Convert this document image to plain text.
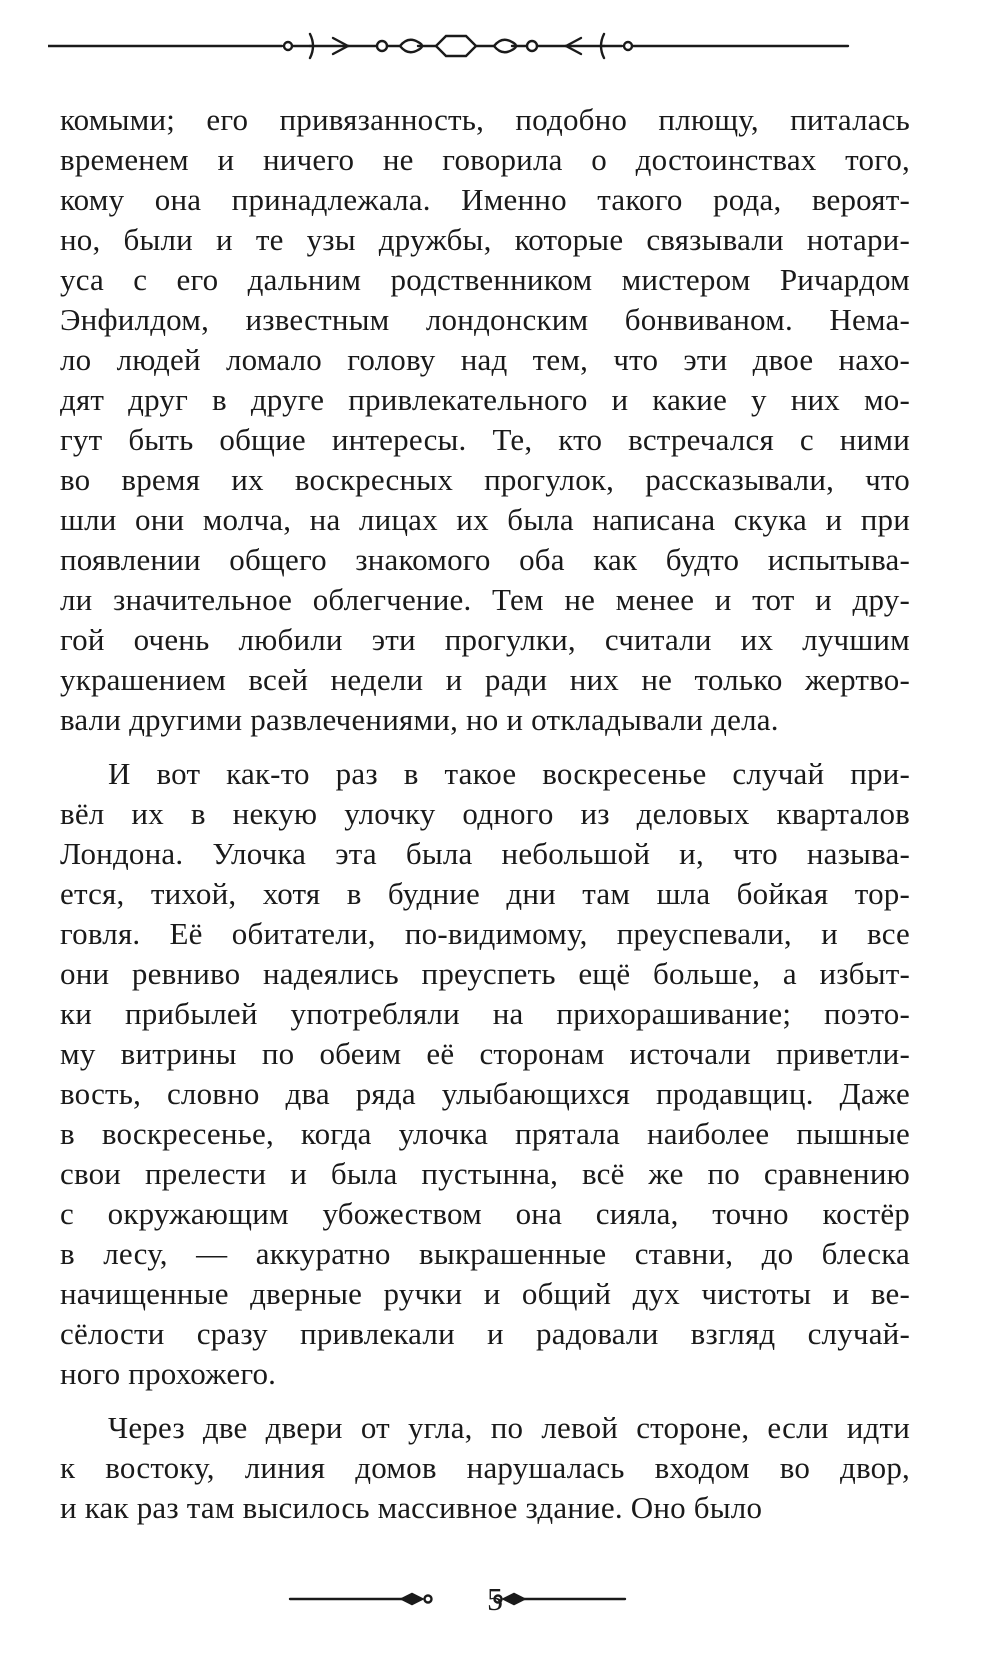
комыми; его привязанность, подобно плющу, питалась
временем и ничего не говорила о достоинствах того,
кому она принадлежала. Именно такого рода, вероят-
но, были и те узы дружбы, которые связывали нотари-
уса с его дальним родственником мистером Ричардом
Энфилдом, известным лондонским бонвиваном. Нема-
ло людей ломало голову над тем, что эти двое нахо-
дят друг в друге привлекательного и какие у них мо-
гут быть общие интересы. Те, кто встречался с ними
во время их воскресных прогулок, рассказывали, что
шли они молча, на лицах их была написана скука и при
появлении общего знакомого оба как будто испытыва-
ли значительное облегчение. Тем не менее и тот и дру-
гой очень любили эти прогулки, считали их лучшим
украшением всей недели и ради них не только жертво-
вали другими развлечениями, но и откладывали дела.
И вот как-то раз в такое воскресенье случай при-
вёл их в некую улочку одного из деловых кварталов
Лондона. Улочка эта была небольшой и, что называ-
ется, тихой, хотя в будние дни там шла бойкая тор-
говля. Её обитатели, по-видимому, преуспевали, и все
они ревниво надеялись преуспеть ещё больше, а избыт-
ки прибылей употребляли на прихорашивание; поэто-
му витрины по обеим её сторонам источали приветли-
вость, словно два ряда улыбающихся продавщиц. Даже
в воскресенье, когда улочка прятала наиболее пышные
свои прелести и была пустынна, всё же по сравнению
с окружающим убожеством она сияла, точно костёр
в лесу, — аккуратно выкрашенные ставни, до блеска
начищенные дверные ручки и общий дух чистоты и ве-
сёлости сразу привлекали и радовали взгляд случай-
ного прохожего.
Через две двери от угла, по левой стороне, если идти
к востоку, линия домов нарушалась входом во двор,
и как раз там высилось массивное здание. Оно было
5
